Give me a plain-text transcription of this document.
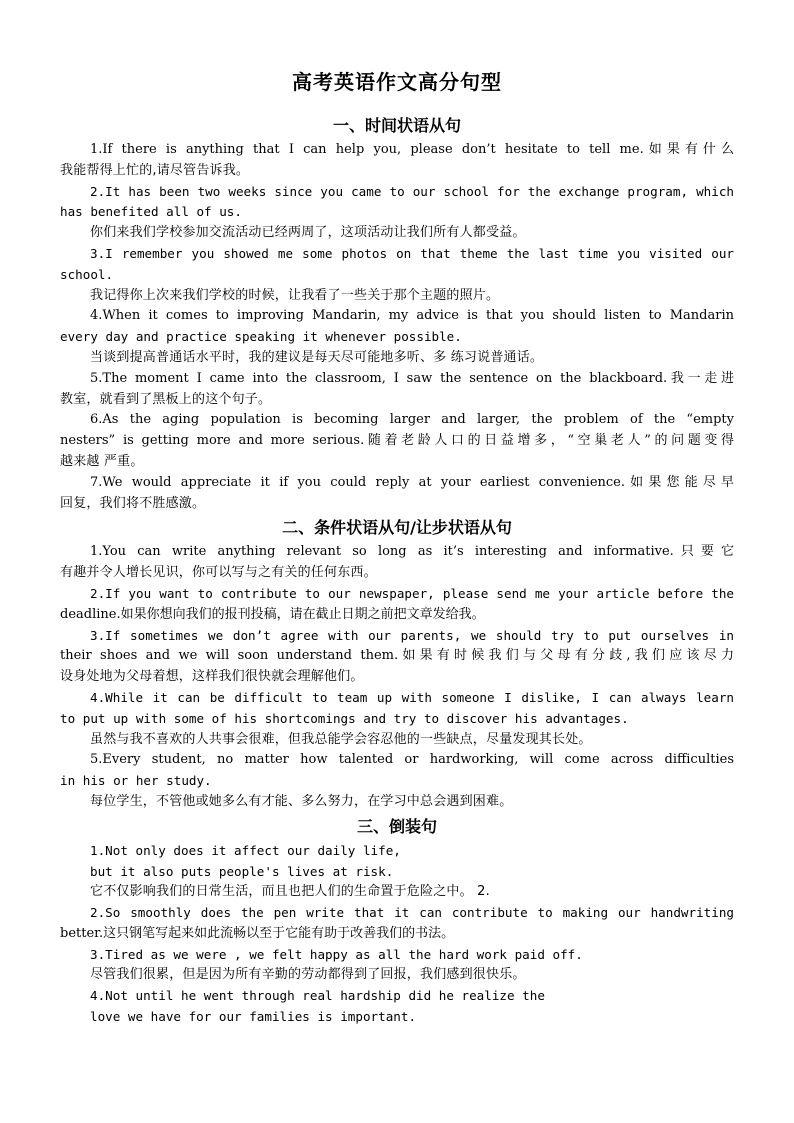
高考英语作文高分句型
一、时间状语从句
1.If there is anything that I can help you, please don’t hesitate to tell me.如果有什么
我能帮得上忙的,请尽管告诉我。
2.It has been two weeks since you came to our school for the exchange program, which
has benefited all of us.
你们来我们学校参加交流活动已经两周了，这项活动让我们所有人都受益。
3.I remember you showed me some photos on that theme the last time you visited our
school.
我记得你上次来我们学校的时候，让我看了一些关于那个主题的照片。
4.When it comes to improving Mandarin, my advice is that you should listen to Mandarin
every day and practice speaking it whenever possible.
当谈到提高普通话水平时，我的建议是每天尽可能地多听、多 练习说普通话。
5.The moment I came into the classroom, I saw the sentence on the blackboard.我一走进
教室，就看到了黑板上的这个句子。
6.As the aging population is becoming larger and larger, the problem of the “empty
nesters” is getting more and more serious.随着老龄人口的日益增多，“空巢老人”的问题变得
越来越 严重。
7.We would appreciate it if you could reply at your earliest convenience.如果您能尽早
回复，我们将不胜感激。
二、条件状语从句/让步状语从句
1.You can write anything relevant so long as it’s interesting and informative.只要它
有趣并令人增长见识，你可以写与之有关的任何东西。
2.If you want to contribute to our newspaper, please send me your article before the
deadline.如果你想向我们的报刊投稿，请在截止日期之前把文章发给我。
3.If sometimes we don’t agree with our parents, we should try to put ourselves in
their shoes and we will soon understand them.如果有时候我们与父母有分歧,我们应该尽力
设身处地为父母着想，这样我们很快就会理解他们。
4.While it can be difficult to team up with someone I dislike, I can always learn
to put up with some of his shortcomings and try to discover his advantages.
虽然与我不喜欢的人共事会很难，但我总能学会容忍他的一些缺点，尽量发现其长处。
5.Every student, no matter how talented or hardworking, will come across difficulties
in his or her study.
每位学生，不管他或她多么有才能、多么努力，在学习中总会遇到困难。
三、倒装句
1.Not only does it affect our daily life,
but it also puts people's lives at risk.
它不仅影响我们的日常生活，而且也把人们的生命置于危险之中。 2.
2.So smoothly does the pen write that it can contribute to making our handwriting
better.这只钢笔写起来如此流畅以至于它能有助于改善我们的书法。
3.Tired as we were , we felt happy as all the hard work paid off.
尽管我们很累，但是因为所有辛勤的劳动都得到了回报，我们感到很快乐。
4.Not until he went through real hardship did he realize the
love we have for our families is important.
